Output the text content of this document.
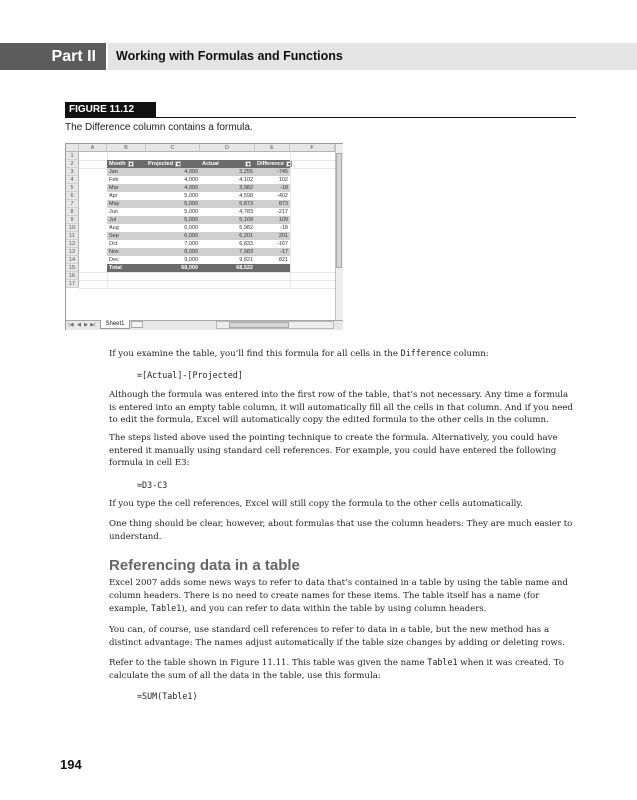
Part II	Working with Formulas and Functions
FIGURE 11.12
The Difference column contains a formula.
A	B	C	D	E	F
1
2
3
4
5
6
7
8
9
10
11
12
13
14
15
16
17
Month ▼	Projected ▼	Actual	▼	Difference ▼
Jan	4,000	3,255	-745
Feb	4,000	4,102	102
Mar	4,000	3,982	-18
Apr	5,000	4,598	-402
May	5,000	5,873	873
Jun	5,000	4,783	-217
Jul	5,000	5,109	109
Aug	6,000	5,982	-18
Sep	6,000	6,201	201
Oct	7,000	6,833	-167
Nov	8,000	7,983	-17
Dec	9,000	9,821	821
Total	68,000	68,522
|◀ ◀ ▶ ▶|	Sheet1
If you examine the table, you’ll find this formula for all cells in the Difference column:
=[Actual]-[Projected]
Although the formula was entered into the first row of the table, that’s not necessary. Any time a formula is entered into an empty table column, it will automatically fill all the cells in that column. And if you need to edit the formula, Excel will automatically copy the edited formula to the other cells in the column.
The steps listed above used the pointing technique to create the formula. Alternatively, you could have entered it manually using standard cell references. For example, you could have entered the following formula in cell E3:
=D3-C3
If you type the cell references, Excel will still copy the formula to the other cells automatically.
One thing should be clear, however, about formulas that use the column headers: They are much easier to understand.
Referencing data in a table
Excel 2007 adds some news ways to refer to data that’s contained in a table by using the table name and column headers. There is no need to create names for these items. The table itself has a name (for example, Table1), and you can refer to data within the table by using column headers.
You can, of course, use standard cell references to refer to data in a table, but the new method has a distinct advantage: The names adjust automatically if the table size changes by adding or deleting rows.
Refer to the table shown in Figure 11.11. This table was given the name Table1 when it was created. To calculate the sum of all the data in the table, use this formula:
=SUM(Table1)
194
